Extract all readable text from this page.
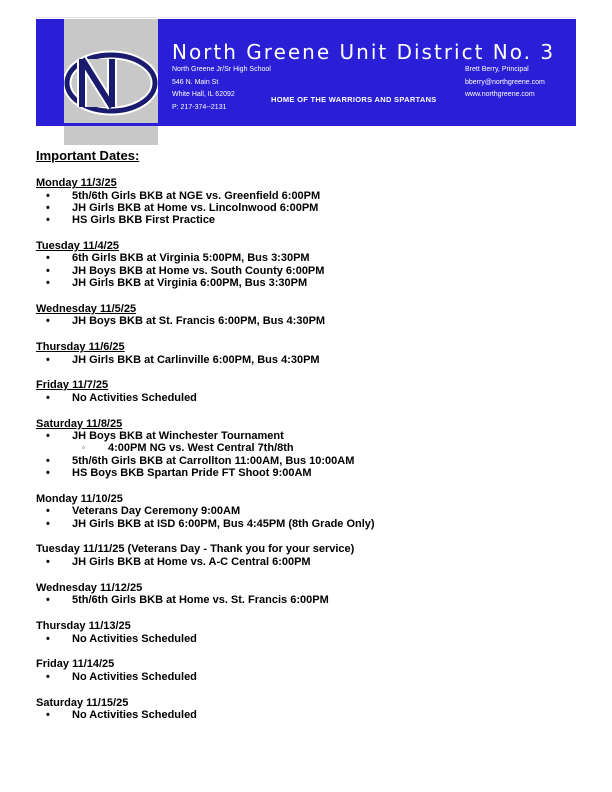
North Greene Unit District No. 3
North Greene Jr/Sr High School
546 N. Main St
White Hall, IL 62092
P: 217-374--2131
Brett Berry, Principal
bberry@northgreene.com
www.northgreene.com
HOME OF THE WARRIORS AND SPARTANS
Important Dates:
Monday 11/3/25
• 5th/6th Girls BKB at NGE vs. Greenfield 6:00PM
• JH Girls BKB at Home vs. Lincolnwood 6:00PM
• HS Girls BKB First Practice
Tuesday 11/4/25
• 6th Girls BKB at Virginia 5:00PM, Bus 3:30PM
• JH Boys BKB at Home vs. South County 6:00PM
• JH Girls BKB at Virginia 6:00PM, Bus 3:30PM
Wednesday 11/5/25
• JH Boys BKB at St. Francis 6:00PM, Bus 4:30PM
Thursday 11/6/25
• JH Girls BKB at Carlinville 6:00PM, Bus 4:30PM
Friday 11/7/25
• No Activities Scheduled
Saturday 11/8/25
• JH Boys BKB at Winchester Tournament
◦ 4:00PM NG vs. West Central 7th/8th
• 5th/6th Girls BKB at Carrollton 11:00AM, Bus 10:00AM
• HS Boys BKB Spartan Pride FT Shoot 9:00AM
Monday 11/10/25
• Veterans Day Ceremony 9:00AM
• JH Girls BKB at ISD 6:00PM, Bus 4:45PM (8th Grade Only)
Tuesday 11/11/25 (Veterans Day - Thank you for your service)
• JH Girls BKB at Home vs. A-C Central 6:00PM
Wednesday 11/12/25
• 5th/6th Girls BKB at Home vs. St. Francis 6:00PM
Thursday 11/13/25
• No Activities Scheduled
Friday 11/14/25
• No Activities Scheduled
Saturday 11/15/25
• No Activities Scheduled
